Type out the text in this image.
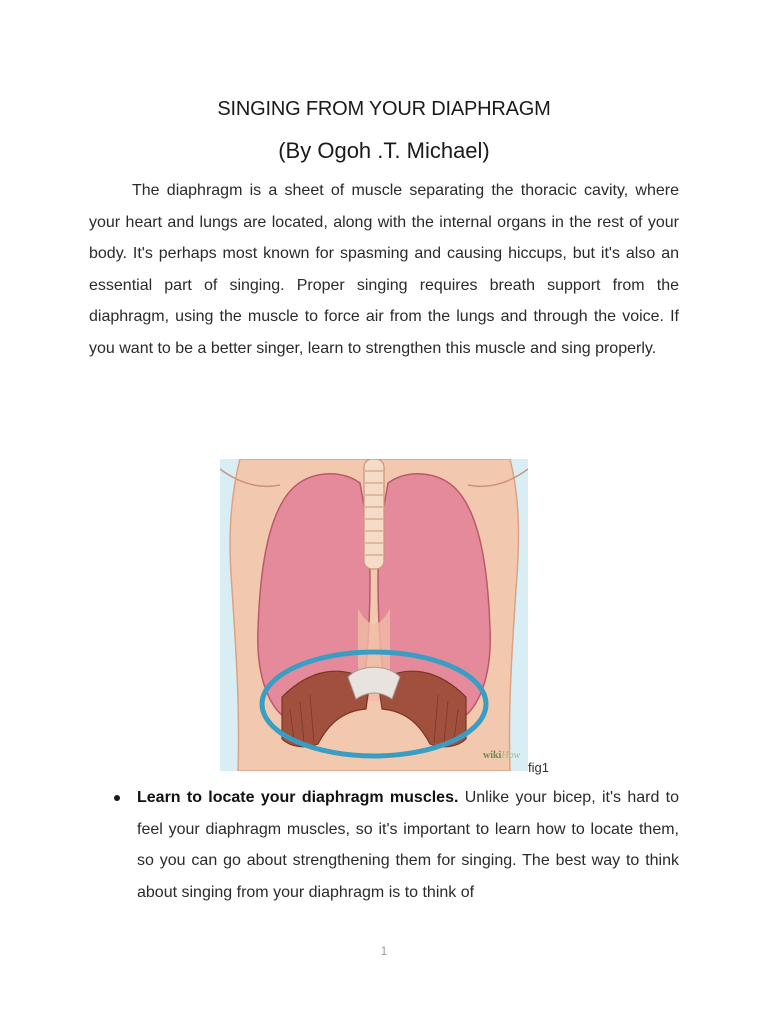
SINGING FROM YOUR DIAPHRAGM

(By Ogoh .T. Michael)

The diaphragm is a sheet of muscle separating the thoracic cavity, where your heart and lungs are located, along with the internal organs in the rest of your body. It's perhaps most known for spasming and causing hiccups, but it's also an essential part of singing. Proper singing requires breath support from the diaphragm, using the muscle to force air from the lungs and through the voice. If you want to be a better singer, learn to strengthen this muscle and sing properly.

wikiHow
fig1
Learn to locate your diaphragm muscles. Unlike your bicep, it's hard to feel your diaphragm muscles, so it's important to learn how to locate them, so you can go about strengthening them for singing. The best way to think about singing from your diaphragm is to think of
1
